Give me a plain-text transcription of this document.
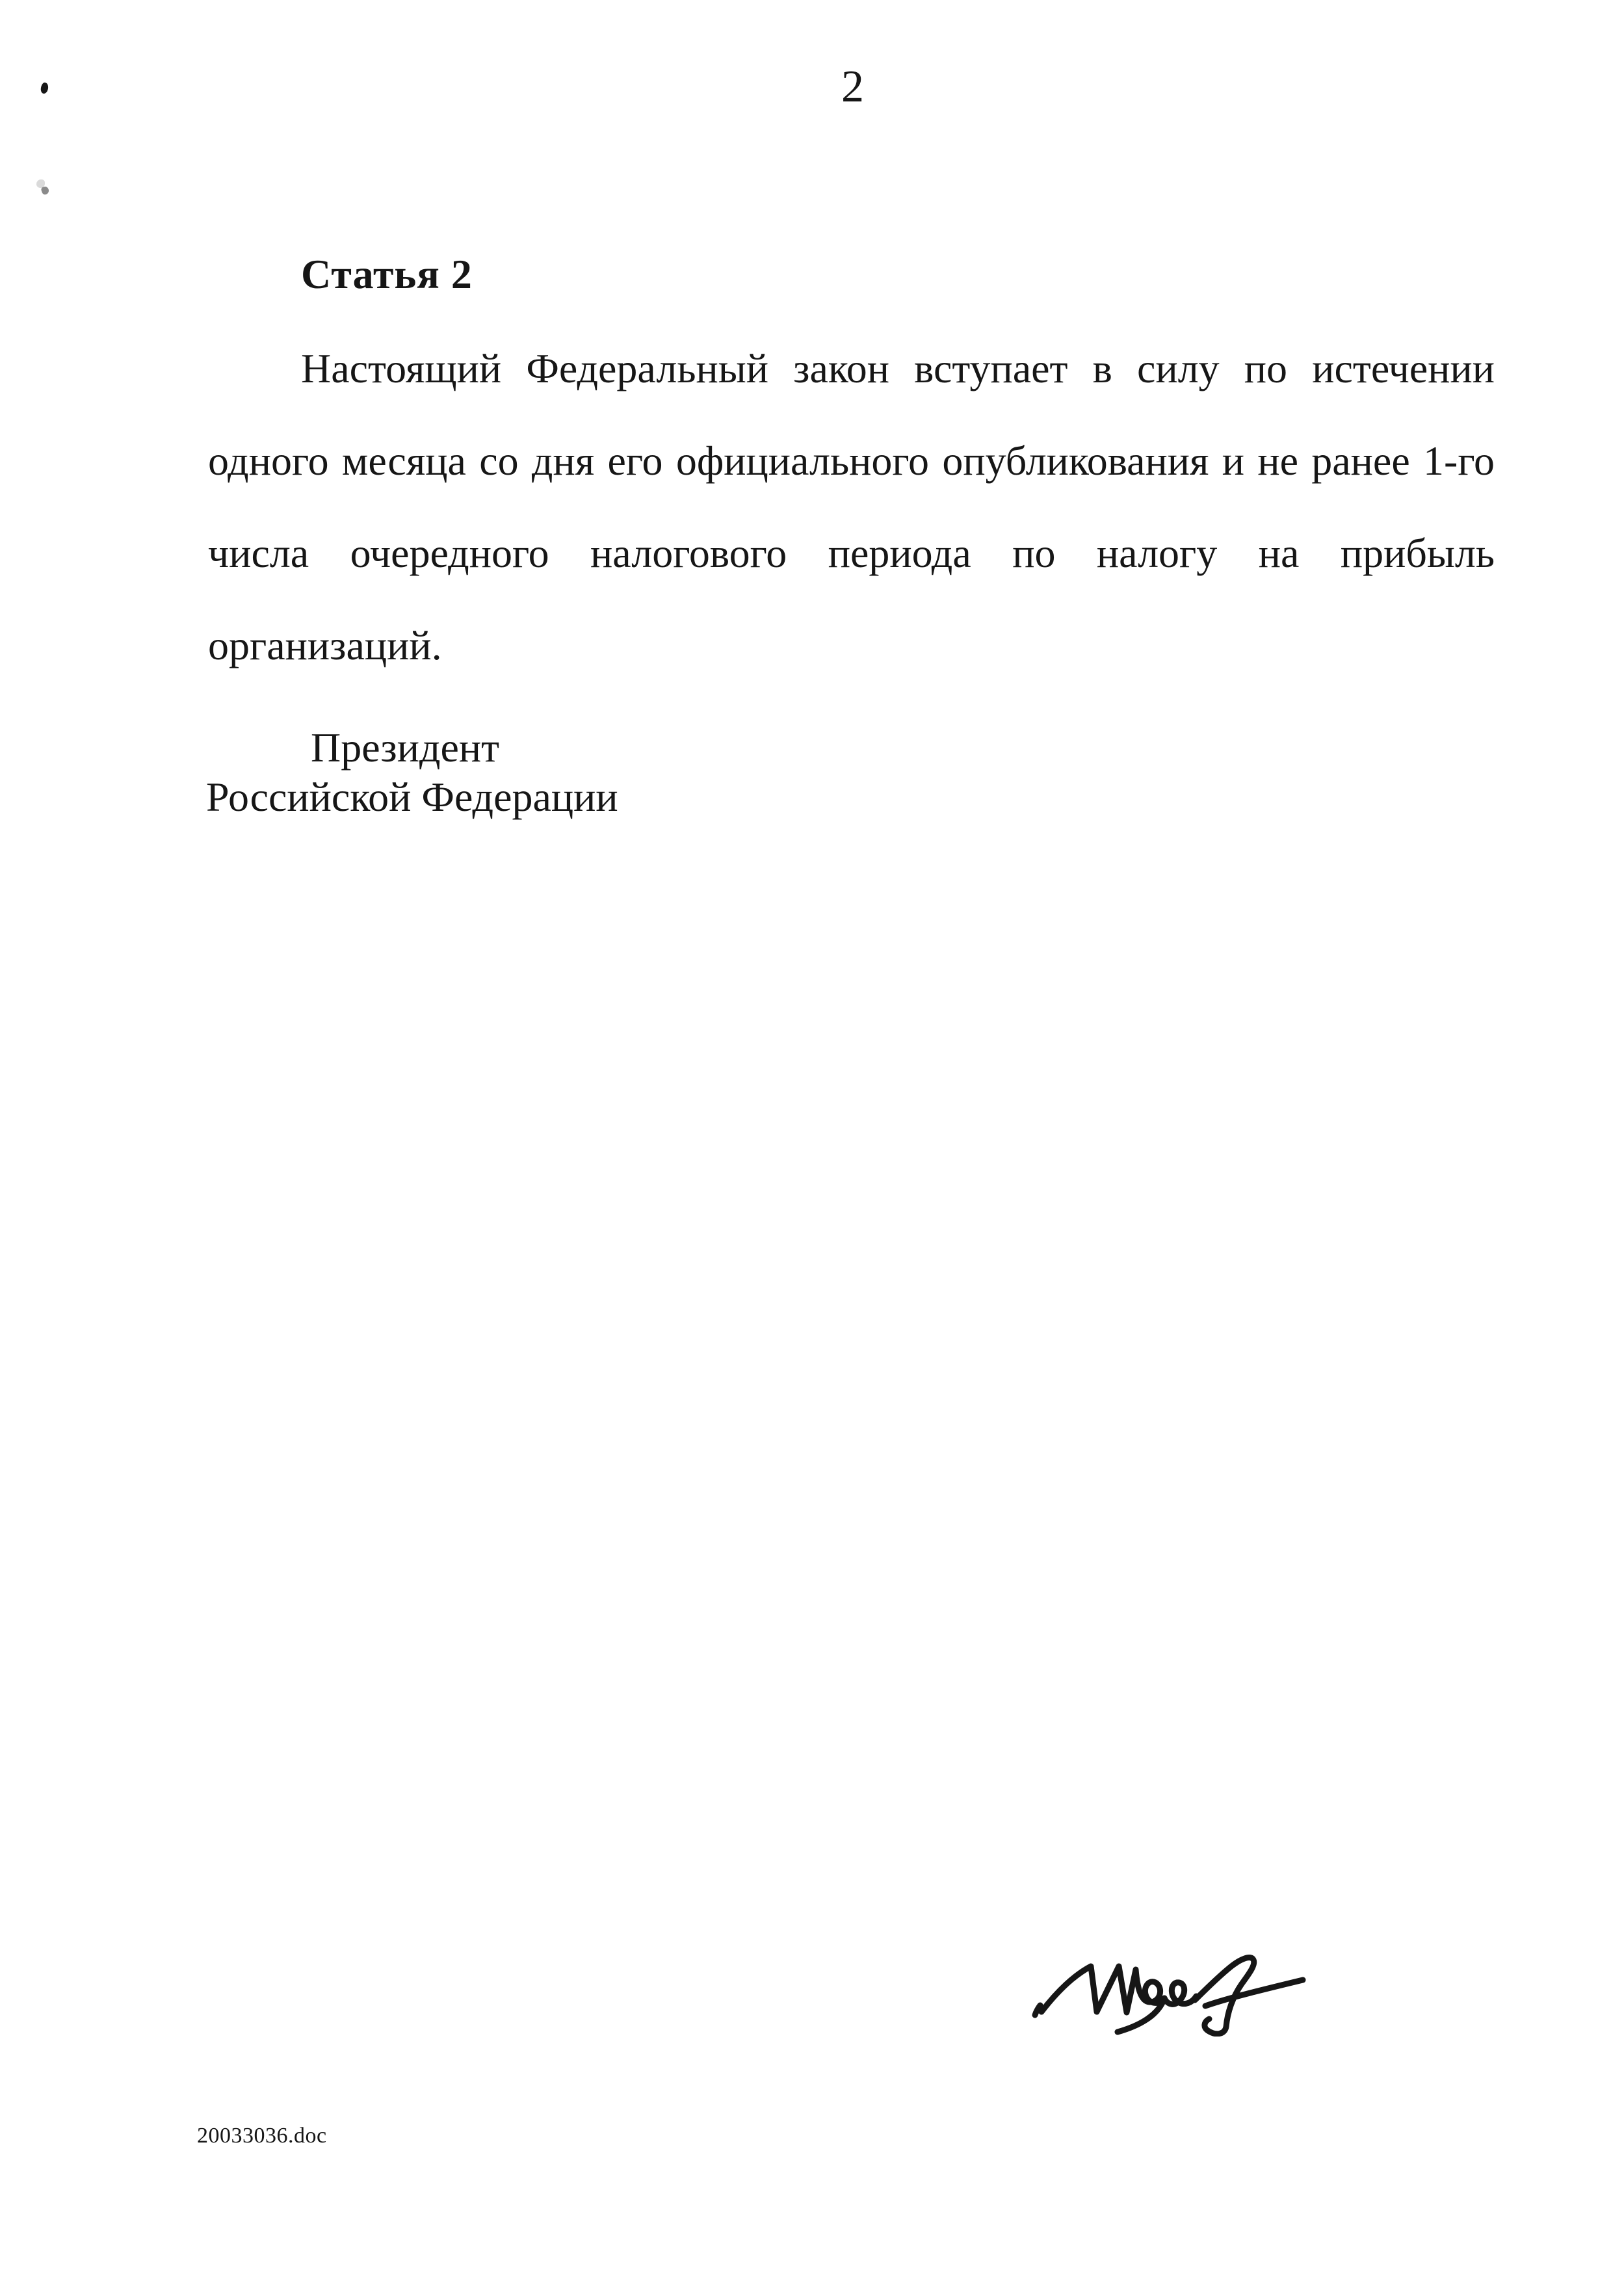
2
Статья 2
Настоящий Федеральный закон вступает в силу по истечении
одного месяца со дня его официального опубликования и не ранее 1-го
числа очередного налогового периода по налогу на прибыль организаций.
Президент
Российской Федерации
20033036.doc
